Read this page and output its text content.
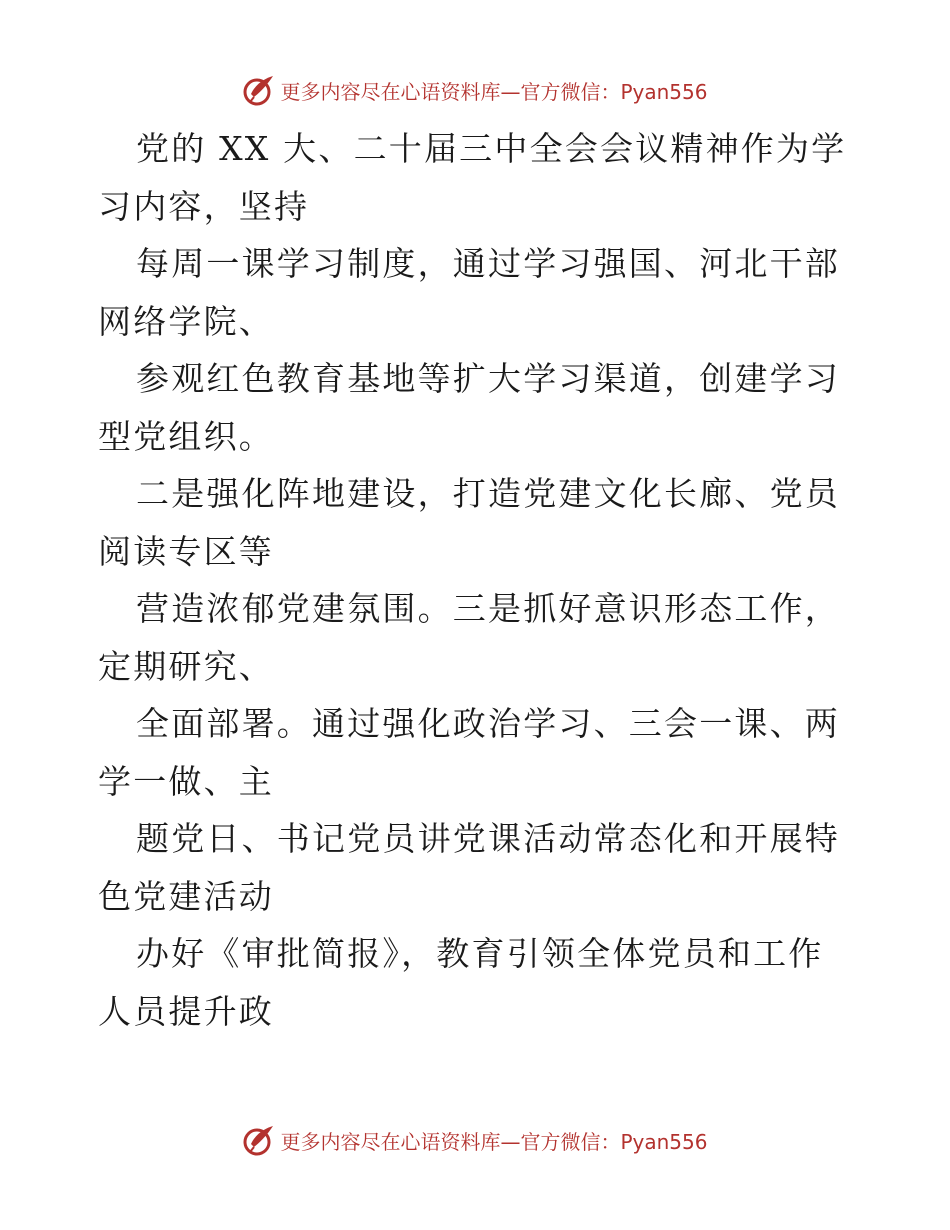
更多内容尽在心语资料库—官方微信：Pyan556

党的 XX 大、二十届三中全会会议精神作为学习内容，坚持

每周一课学习制度，通过学习强国、河北干部网络学院、

参观红色教育基地等扩大学习渠道，创建学习型党组织。

二是强化阵地建设，打造党建文化长廊、党员阅读专区等

营造浓郁党建氛围。三是抓好意识形态工作，定期研究、

全面部署。通过强化政治学习、三会一课、两学一做、主

题党日、书记党员讲党课活动常态化和开展特色党建活动

办好《审批简报》，教育引领全体党员和工作人员提升政

更多内容尽在心语资料库—官方微信：Pyan556
